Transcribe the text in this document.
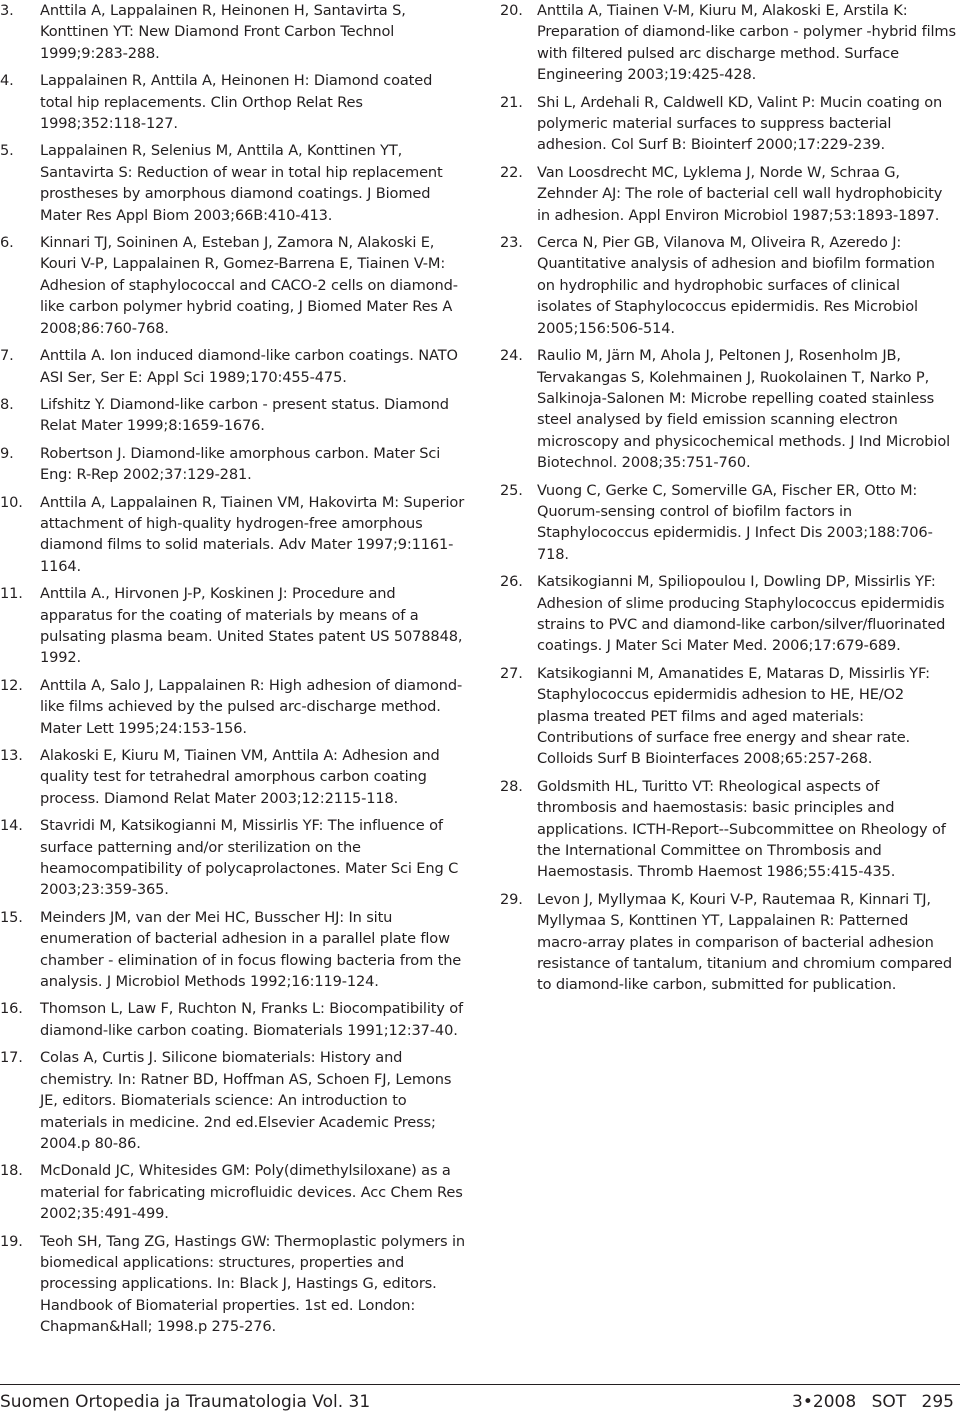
3. Anttila A, Lappalainen R, Heinonen H, Santavirta S, Konttinen YT: New Diamond Front Carbon Technol 1999;9:283-288.
4. Lappalainen R, Anttila A, Heinonen H: Diamond coated total hip replacements. Clin Orthop Relat Res 1998;352:118-127.
5. Lappalainen R, Selenius M, Anttila A, Konttinen YT, Santavirta S: Reduction of wear in total hip replacement prostheses by amorphous diamond coatings. J Biomed Mater Res Appl Biom 2003;66B:410-413.
6. Kinnari TJ, Soininen A, Esteban J, Zamora N, Alakoski E, Kouri V-P, Lappalainen R, Gomez-Barrena E, Tiainen V-M: Adhesion of staphylococcal and CACO-2 cells on diamond-like carbon polymer hybrid coating, J Biomed Mater Res A 2008;86:760-768.
7. Anttila A. Ion induced diamond-like carbon coatings. NATO ASI Ser, Ser E: Appl Sci 1989;170:455-475.
8. Lifshitz Y. Diamond-like carbon - present status. Diamond Relat Mater 1999;8:1659-1676.
9. Robertson J. Diamond-like amorphous carbon. Mater Sci Eng: R-Rep 2002;37:129-281.
10. Anttila A, Lappalainen R, Tiainen VM, Hakovirta M: Superior attachment of high-quality hydrogen-free amorphous diamond films to solid materials. Adv Mater 1997;9:1161-1164.
11. Anttila A., Hirvonen J-P, Koskinen J: Procedure and apparatus for the coating of materials by means of a pulsating plasma beam. United States patent US 5078848, 1992.
12. Anttila A, Salo J, Lappalainen R: High adhesion of diamond-like films achieved by the pulsed arc-discharge method. Mater Lett 1995;24:153-156.
13. Alakoski E, Kiuru M, Tiainen VM, Anttila A: Adhesion and quality test for tetrahedral amorphous carbon coating process. Diamond Relat Mater 2003;12:2115-118.
14. Stavridi M, Katsikogianni M, Missirlis YF: The influence of surface patterning and/or sterilization on the heamocompatibility of polycaprolactones. Mater Sci Eng C 2003;23:359-365.
15. Meinders JM, van der Mei HC, Busscher HJ: In situ enumeration of bacterial adhesion in a parallel plate flow chamber - elimination of in focus flowing bacteria from the analysis. J Microbiol Methods 1992;16:119-124.
16. Thomson L, Law F, Ruchton N, Franks L: Biocompatibility of diamond-like carbon coating. Biomaterials 1991;12:37-40.
17. Colas A, Curtis J. Silicone biomaterials: History and chemistry. In: Ratner BD, Hoffman AS, Schoen FJ, Lemons JE, editors. Biomaterials science: An introduction to materials in medicine. 2nd ed.Elsevier Academic Press; 2004.p 80-86.
18. McDonald JC, Whitesides GM: Poly(dimethylsiloxane) as a material for fabricating microfluidic devices. Acc Chem Res 2002;35:491-499.
19. Teoh SH, Tang ZG, Hastings GW: Thermoplastic polymers in biomedical applications: structures, properties and processing applications. In: Black J, Hastings G, editors. Handbook of Biomaterial properties. 1st ed. London: Chapman&Hall; 1998.p 275-276.
20. Anttila A, Tiainen V-M, Kiuru M, Alakoski E, Arstila K: Preparation of diamond-like carbon - polymer -hybrid films with filtered pulsed arc discharge method. Surface Engineering 2003;19:425-428.
21. Shi L, Ardehali R, Caldwell KD, Valint P: Mucin coating on polymeric material surfaces to suppress bacterial adhesion. Col Surf B: Biointerf 2000;17:229-239.
22. Van Loosdrecht MC, Lyklema J, Norde W, Schraa G, Zehnder AJ: The role of bacterial cell wall hydrophobicity in adhesion. Appl Environ Microbiol 1987;53:1893-1897.
23. Cerca N, Pier GB, Vilanova M, Oliveira R, Azeredo J: Quantitative analysis of adhesion and biofilm formation on hydrophilic and hydrophobic surfaces of clinical isolates of Staphylococcus epidermidis. Res Microbiol 2005;156:506-514.
24. Raulio M, Järn M, Ahola J, Peltonen J, Rosenholm JB, Tervakangas S, Kolehmainen J, Ruokolainen T, Narko P, Salkinoja-Salonen M: Microbe repelling coated stainless steel analysed by field emission scanning electron microscopy and physicochemical methods. J Ind Microbiol Biotechnol. 2008;35:751-760.
25. Vuong C, Gerke C, Somerville GA, Fischer ER, Otto M: Quorum-sensing control of biofilm factors in Staphylococcus epidermidis. J Infect Dis 2003;188:706-718.
26. Katsikogianni M, Spiliopoulou I, Dowling DP, Missirlis YF: Adhesion of slime producing Staphylococcus epidermidis strains to PVC and diamond-like carbon/silver/fluorinated coatings. J Mater Sci Mater Med. 2006;17:679-689.
27. Katsikogianni M, Amanatides E, Mataras D, Missirlis YF: Staphylococcus epidermidis adhesion to HE, HE/O2 plasma treated PET films and aged materials: Contributions of surface free energy and shear rate. Colloids Surf B Biointerfaces 2008;65:257-268.
28. Goldsmith HL, Turitto VT: Rheological aspects of thrombosis and haemostasis: basic principles and applications. ICTH-Report--Subcommittee on Rheology of the International Committee on Thrombosis and Haemostasis. Thromb Haemost 1986;55:415-435.
29. Levon J, Myllymaa K, Kouri V-P, Rautemaa R, Kinnari TJ, Myllymaa S, Konttinen YT, Lappalainen R: Patterned macro-array plates in comparison of bacterial adhesion resistance of tantalum, titanium and chromium compared to diamond-like carbon, submitted for publication.
Suomen Ortopedia ja Traumatologia Vol. 31	3•2008 SOT 295
